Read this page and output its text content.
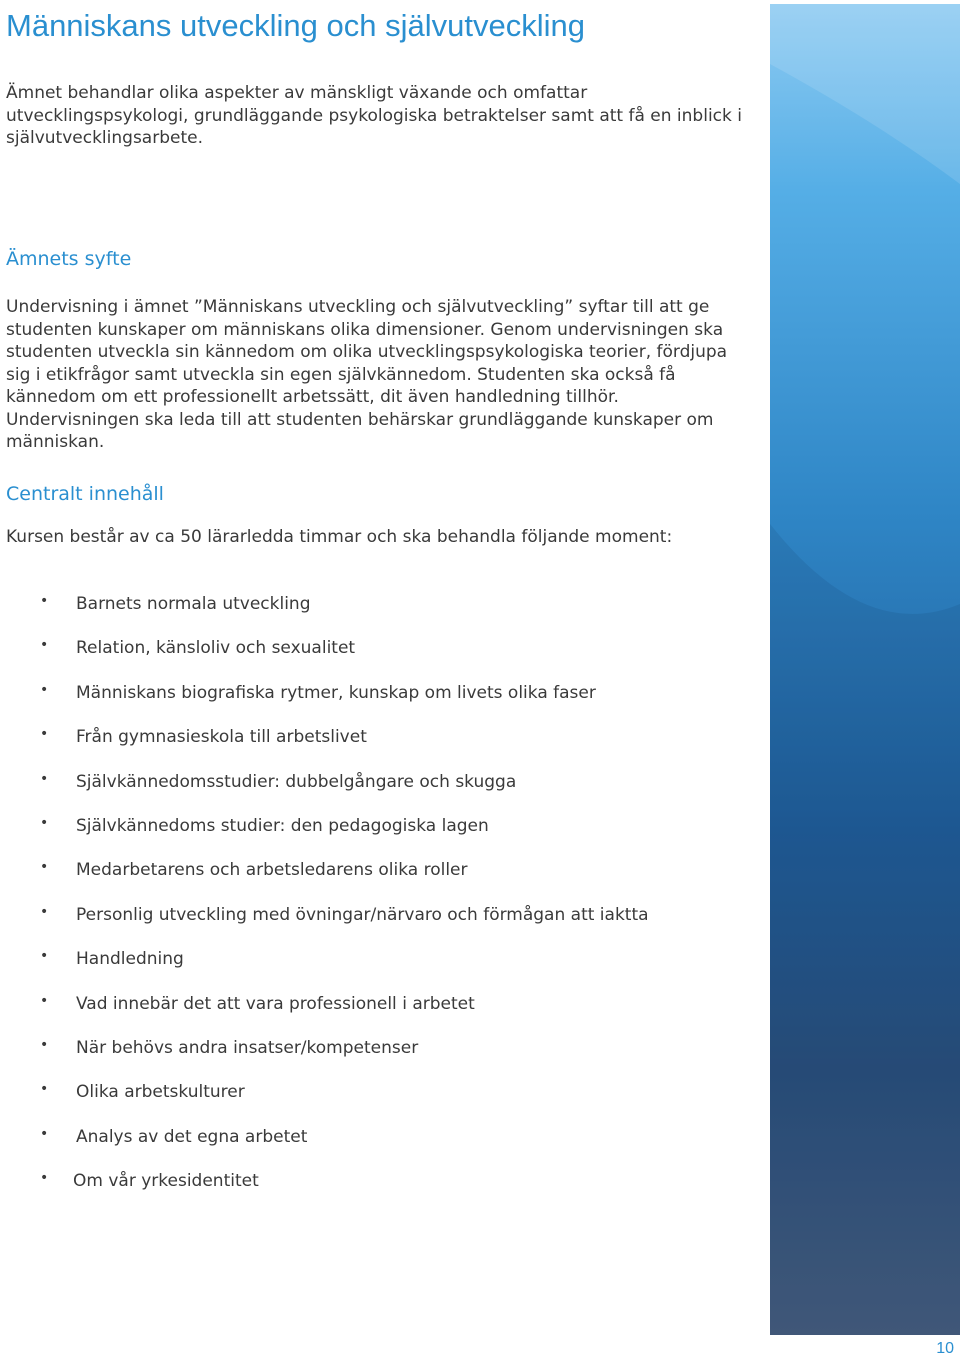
Människans utveckling och självutveckling

Ämnet behandlar olika aspekter av mänskligt växande och omfattar utvecklingspsykologi, grundläggande psykologiska betraktelser samt att få en inblick i självutvecklingsarbete.

Ämnets syfte

Undervisning i ämnet ”Människans utveckling och självutveckling” syftar till att ge studenten kunskaper om människans olika dimensioner. Genom undervisningen ska studenten utveckla sin kännedom om olika utvecklingspsykologiska teorier, fördjupa sig i etikfrågor samt utveckla sin egen självkännedom. Studenten ska också få kännedom om ett professionellt arbetssätt, dit även handledning tillhör. Undervisningen ska leda till att studenten behärskar grundläggande kunskaper om människan.

Centralt innehåll

Kursen består av ca 50 lärarledda timmar och ska behandla följande moment:

• Barnets normala utveckling
• Relation, känsloliv och sexualitet
• Människans biografiska rytmer, kunskap om livets olika faser
• Från gymnasieskola till arbetslivet
• Självkännedomsstudier: dubbelgångare och skugga
• Självkännedoms studier: den pedagogiska lagen
• Medarbetarens och arbetsledarens olika roller
• Personlig utveckling med övningar/närvaro och förmågan att iaktta
• Handledning
• Vad innebär det att vara professionell i arbetet
• När behövs andra insatser/kompetenser
• Olika arbetskulturer
• Analys av det egna arbetet
• Om vår yrkesidentitet
10
